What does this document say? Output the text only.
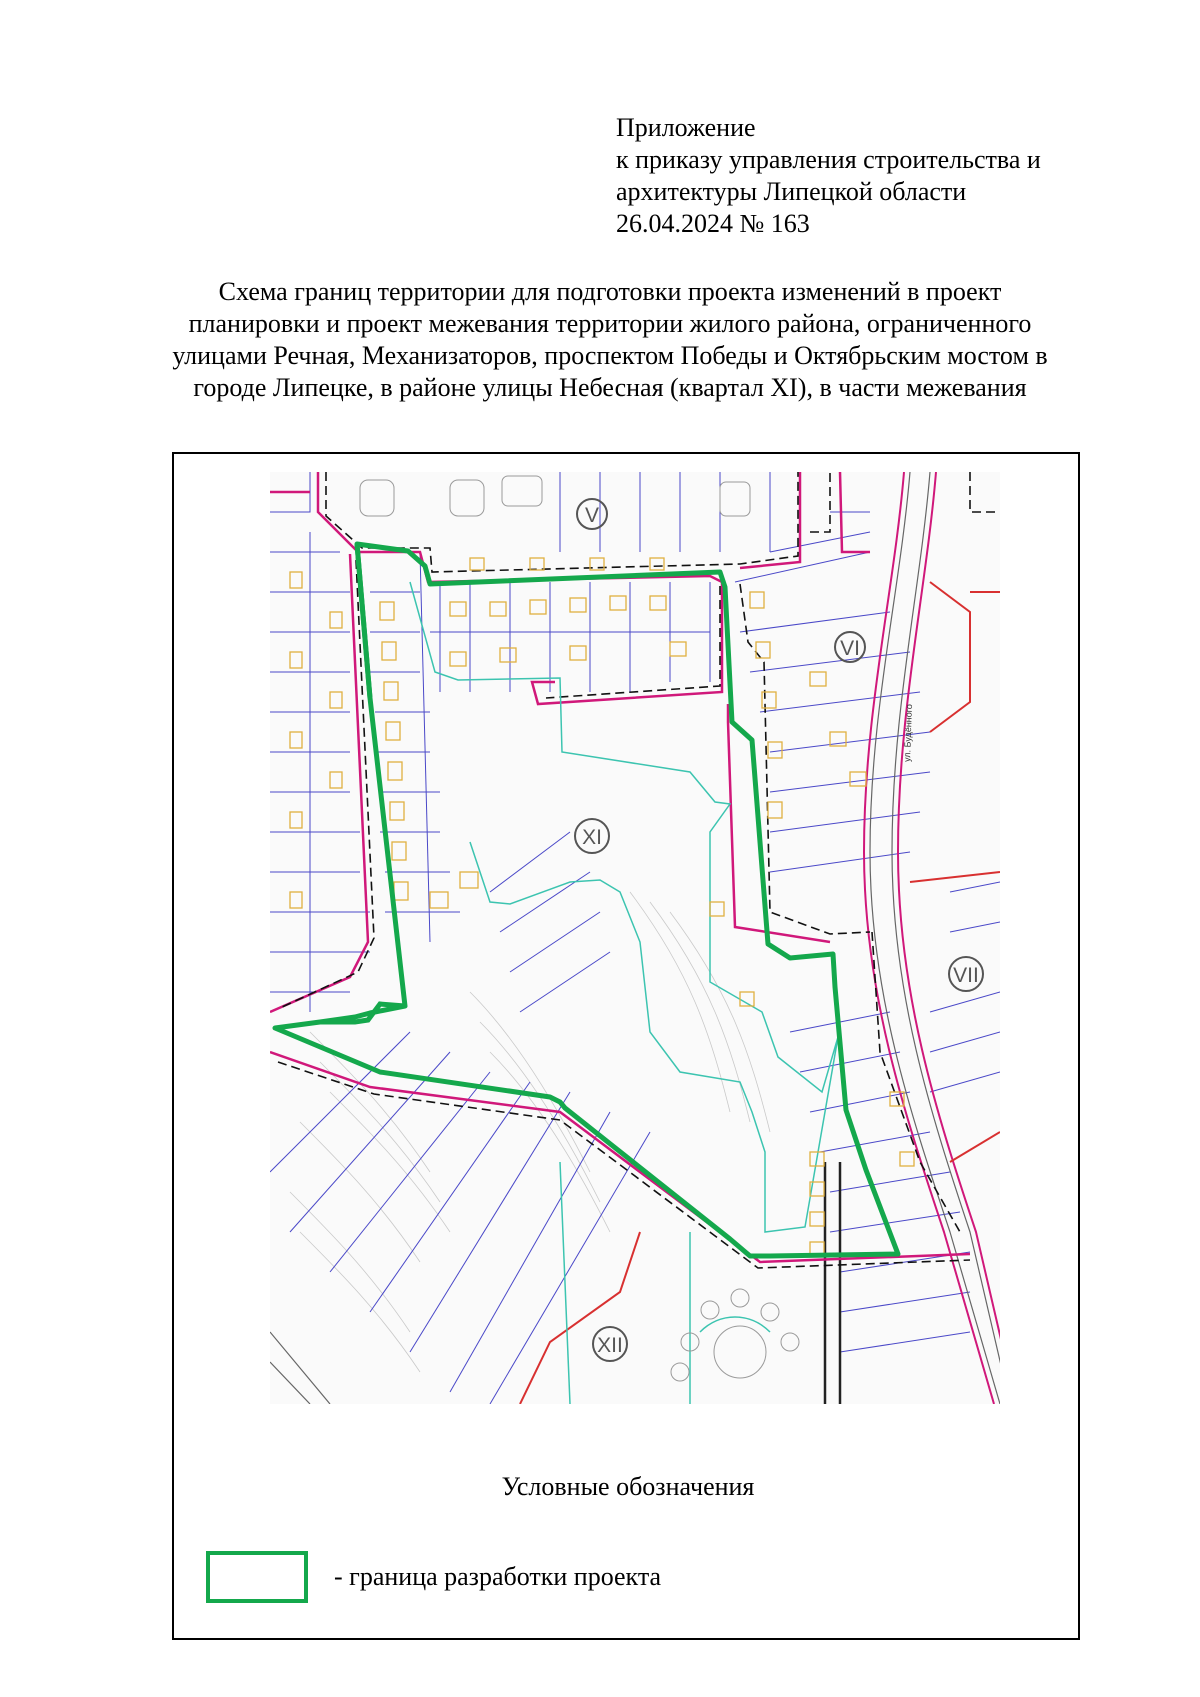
Приложение
к приказу управления строительства и
архитектуры Липецкой области
26.04.2024 № 163
Схема границ территории для подготовки проекта изменений в проект
планировки и проект межевания территории жилого района, ограниченного
улицами Речная, Механизаторов, проспектом Победы и Октябрьским мостом в
городе Липецке, в районе улицы Небесная (квартал XI), в части межевания
V
VI
XI
VII
XII
ул. Будённого
Условные обозначения
- граница разработки проекта
